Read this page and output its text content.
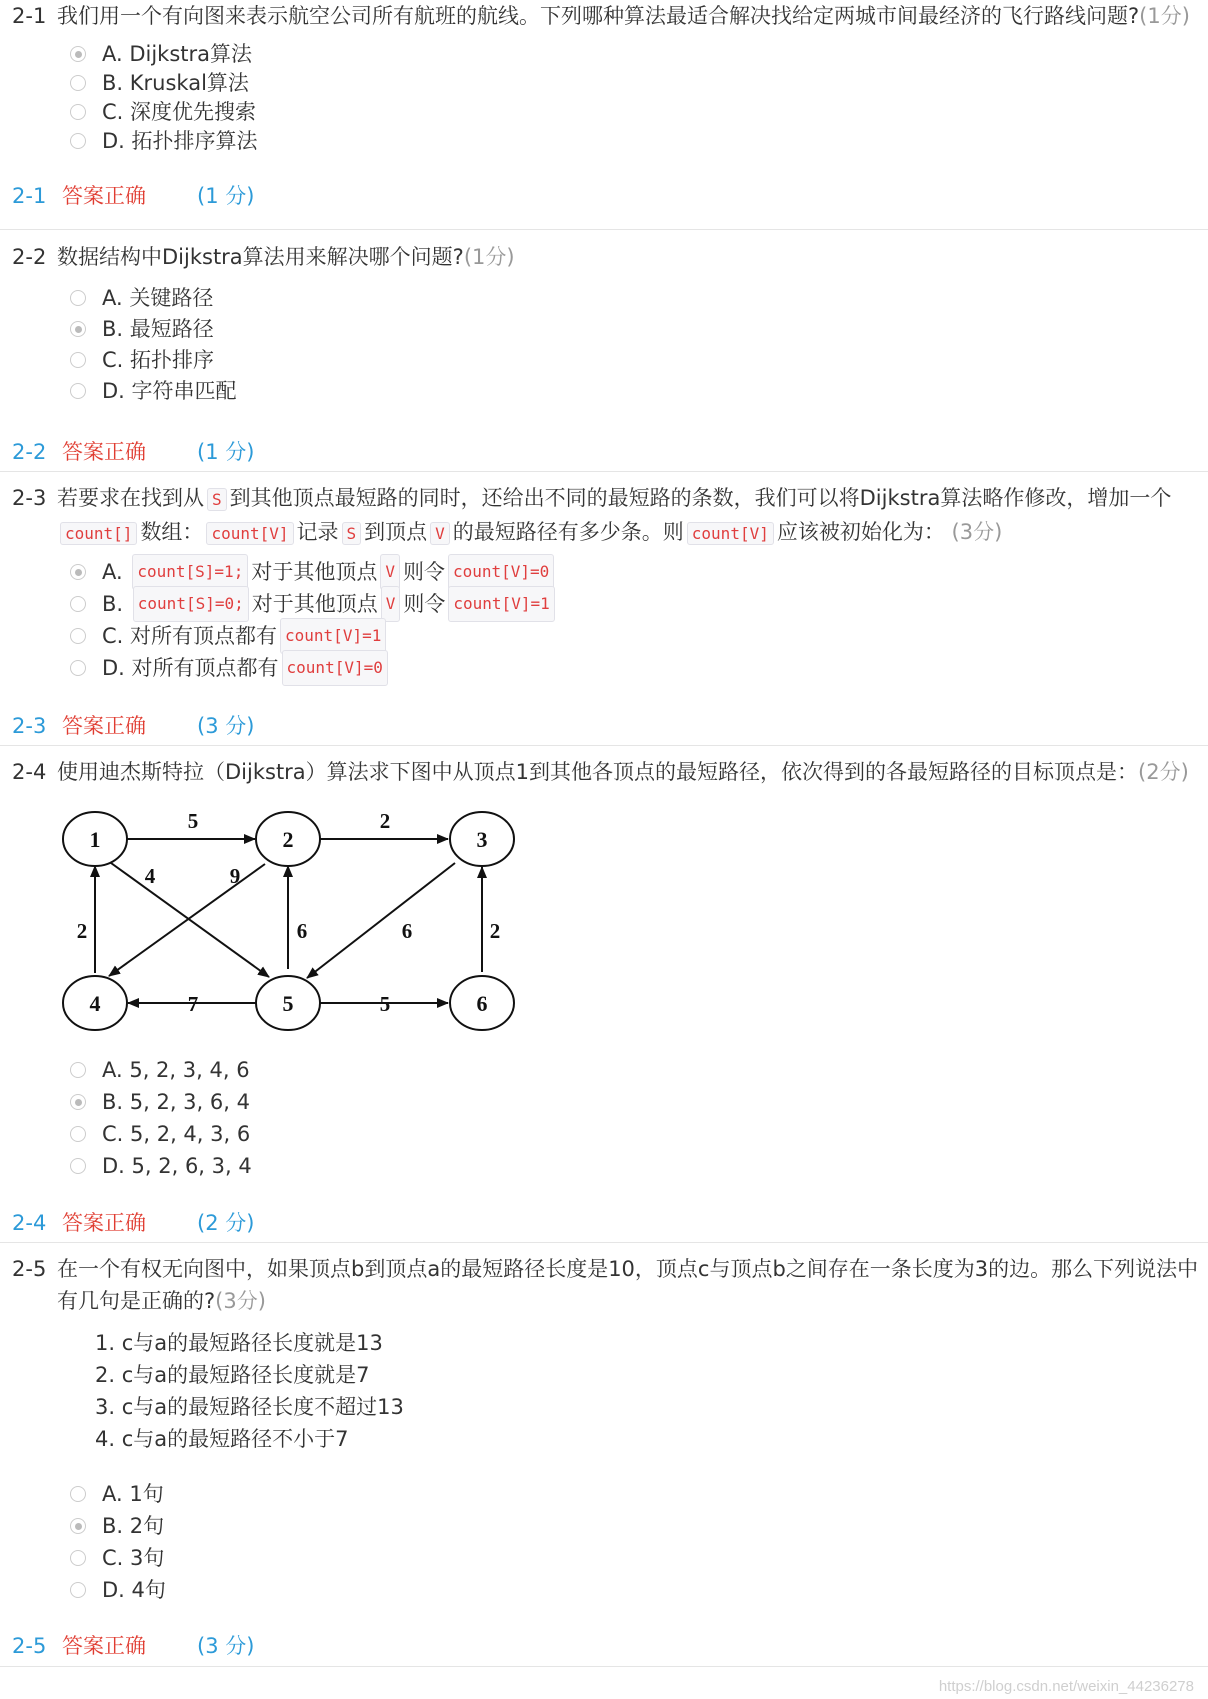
2-1 我们用一个有向图来表示航空公司所有航班的航线。下列哪种算法最适合解决找给定两城市间最经济的飞行路线问题?(1分)
A. Dijkstra算法
B. Kruskal算法
C. 深度优先搜索
D. 拓扑排序算法
2-1 答案正确 (1 分)
2-2 数据结构中Dijkstra算法用来解决哪个问题?(1分)
A. 关键路径
B. 最短路径
C. 拓扑排序
D. 字符串匹配
2-2 答案正确 (1 分)
2-3 若要求在找到从 S 到其他顶点最短路的同时，还给出不同的最短路的条数，我们可以将Dijkstra算法略作修改，增加一个
count[] 数组： count[V] 记录 S 到顶点 V 的最短路径有多少条。则 count[V] 应该被初始化为： (3分)
A.
count[S]=1; 对于其他顶点 V 则令 count[V]=0
B.
count[S]=0; 对于其他顶点 V 则令 count[V]=1
C. 对所有顶点都有 count[V]=1
D. 对所有顶点都有 count[V]=0
2-3 答案正确 (3 分)
2-4 使用迪杰斯特拉（Dijkstra）算法求下图中从顶点1到其他各顶点的最短路径，依次得到的各最短路径的目标顶点是：(2分)
1	2	3
4	5	6
5	2
4
6
9
2	6	2
7	5
A. 5, 2, 3, 4, 6
B. 5, 2, 3, 6, 4
C. 5, 2, 4, 3, 6
D. 5, 2, 6, 3, 4
2-4 答案正确 (2 分)
2-5 在一个有权无向图中，如果顶点b到顶点a的最短路径长度是10，顶点c与顶点b之间存在一条长度为3的边。那么下列说法中有几句是正确的?(3分)
1. c与a的最短路径长度就是13
2. c与a的最短路径长度就是7
3. c与a的最短路径长度不超过13
4. c与a的最短路径不小于7
A. 1句
B. 2句
C. 3句
D. 4句
2-5 答案正确 (3 分)
https://blog.csdn.net/weixin_44236278
